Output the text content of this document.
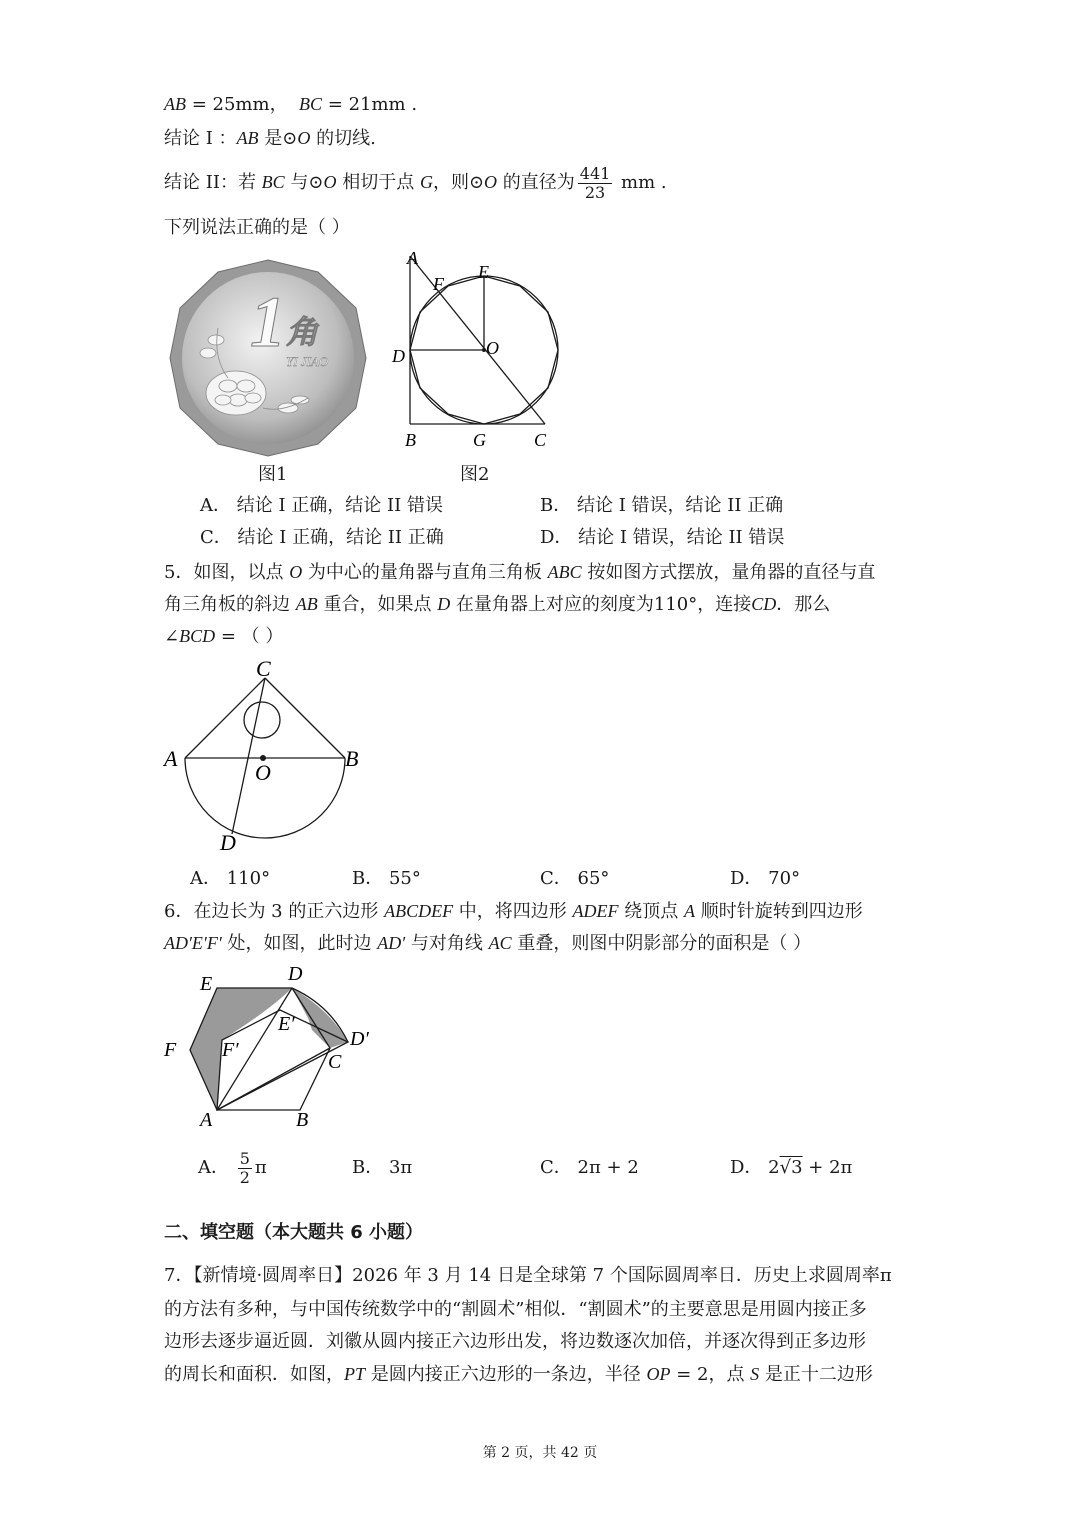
AB = 25mm， BC = 21mm .
结论 I ：AB 是⊙O 的切线.
结论 II：若 BC 与⊙O 相切于点 G，则⊙O 的直径为 $\frac{441}{23}$ mm .
下列说法正确的是（ ）
1 角
YI JIAO
图1
A
F
E
D	O
B	G	C
图2
A． 结论 I 正确，结论 II 错误	B． 结论 I 错误，结论 II 正确
C． 结论 I 正确，结论 II 正确	D． 结论 I 错误，结论 II 错误
5．如图，以点 O 为中心的量角器与直角三角板 ABC 按如图方式摆放，量角器的直径与直
角三角板的斜边 AB 重合，如果点 D 在量角器上对应的刻度为110°，连接CD．那么
∠BCD = （ ）
C
A
O
B
D
A． 110°	B． 55°	C． 65°	D． 70°
6．在边长为 3 的正六边形 ABCDEF 中，将四边形 ADEF 绕顶点 A 顺时针旋转到四边形
AD′E′F′ 处，如图，此时边 AD′ 与对角线 AC 重叠，则图中阴影部分的面积是（ ）
E	D
E′
D′
F F′
C
A	B
A． $\frac{5}{2}$ π	B． 3π	C． 2π + 2	D． 2√3 + 2π
二、填空题（本大题共 6 小题）
7．【新情境·圆周率日】2026 年 3 月 14 日是全球第 7 个国际圆周率日．历史上求圆周率π
的方法有多种，与中国传统数学中的“割圆术”相似．“割圆术”的主要意思是用圆内接正多
边形去逐步逼近圆．刘徽从圆内接正六边形出发，将边数逐次加倍，并逐次得到正多边形
的周长和面积．如图，PT 是圆内接正六边形的一条边，半径 OP = 2，点 S 是正十二边形
第 2 页，共 42 页
